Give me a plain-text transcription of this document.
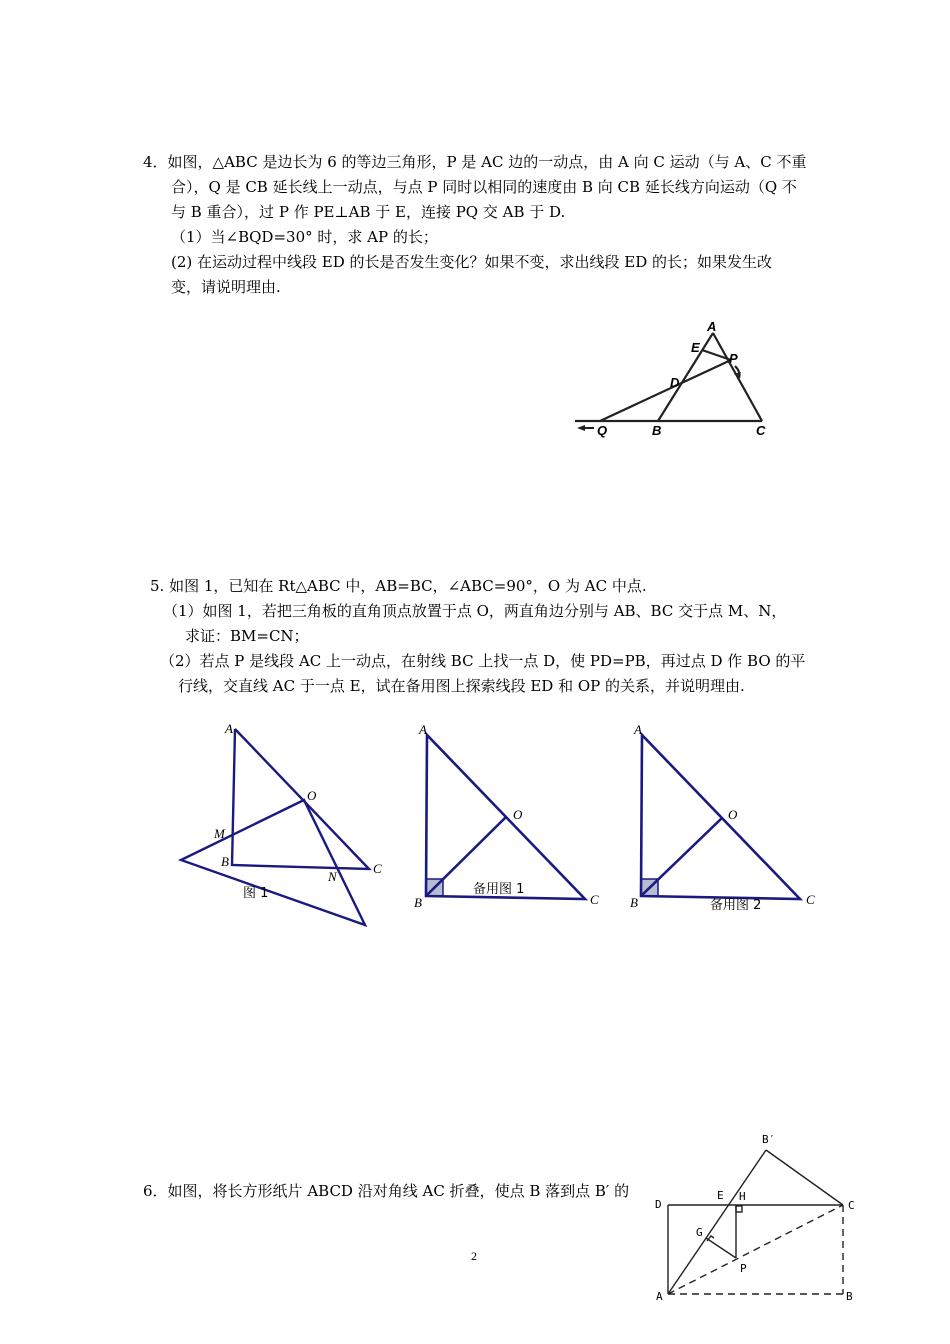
4．如图，△ABC 是边长为 6 的等边三角形，P 是 AC 边的一动点，由 A 向 C 运动（与 A、C 不重
合），Q 是 CB 延长线上一动点，与点 P 同时以相同的速度由 B 向 CB 延长线方向运动（Q 不
与 B 重合），过 P 作 PE⊥AB 于 E，连接 PQ 交 AB 于 D.
（1）当∠BQD=30° 时，求 AP 的长；
(2) 在运动过程中线段 ED 的长是否发生变化？如果不变，求出线段 ED 的长；如果发生改
变，请说明理由.
A
E
P
D
Q	B	C
5. 如图 1，已知在 Rt△ABC 中，AB=BC，∠ABC=90°，O 为 AC 中点.
（1）如图 1，若把三角板的直角顶点放置于点 O，两直角边分别与 AB、BC 交于点 M、N，
求证：BM=CN；
（2）若点 P 是线段 AC 上一动点，在射线 BC 上找一点 D，使 PD=PB，再过点 D 作 BO 的平
行线，交直线 AC 于一点 E，试在备用图上探索线段 ED 和 OP 的关系，并说明理由.
A
O
M
B
N
C
图 1
A
O
B	C
备用图 1
A
O
B	C
备用图 2
6．如图，将长方形纸片 ABCD 沿对角线 AC 折叠，使点 B 落到点 B′ 的
B′
D
E H
C
G
P
A	B
2
